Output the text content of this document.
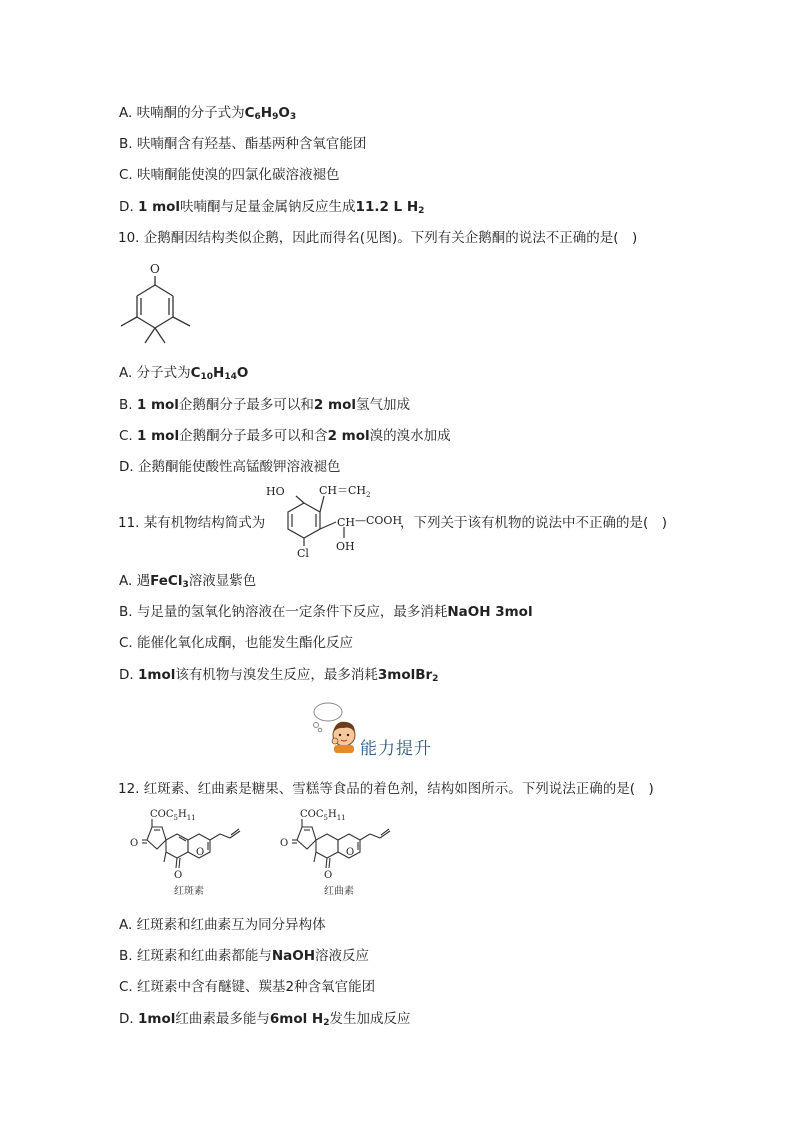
A. 呋喃酮的分子式为$C_6H_9O_3$
B. 呋喃酮含有羟基、酯基两种含氧官能团
C. 呋喃酮能使溴的四氯化碳溶液褪色
D. 1 mol呋喃酮与足量金属钠反应生成11.2 L $H_2$
10. 企鹅酮因结构类似企鹅，因此而得名(见图)。下列有关企鹅酮的说法不正确的是(　)
O
A. 分子式为$C_{10}H_{14}O$
B. 1 mol企鹅酮分子最多可以和2 mol氢气加成
C. 1 mol企鹅酮分子最多可以和含2 mol溴的溴水加成
D. 企鹅酮能使酸性高锰酸钾溶液褪色
11. 某有机物结构简式为	，下列关于该有机物的说法中不正确的是(　)
HO	$CH=CH_2$
CH —COOH
OH
Cl
A. 遇FeCl$_3$溶液显紫色
B. 与足量的氢氧化钠溶液在一定条件下反应，最多消耗NaOH 3mol
C. 能催化氧化成酮，也能发生酯化反应
D. 1mol该有机物与溴发生反应，最多消耗3molBr$_2$
能力提升
12. 红斑素、红曲素是糖果、雪糕等食品的着色剂，结构如图所示。下列说法正确的是(　)
$COC_5H_{11}$
O
O
O
红斑素
$COC_5H_{11}$
O
O
O
红曲素
A. 红斑素和红曲素互为同分异构体
B. 红斑素和红曲素都能与NaOH溶液反应
C. 红斑素中含有醚键、羰基2种含氧官能团
D. 1mol红曲素最多能与6mol $H_2$发生加成反应
